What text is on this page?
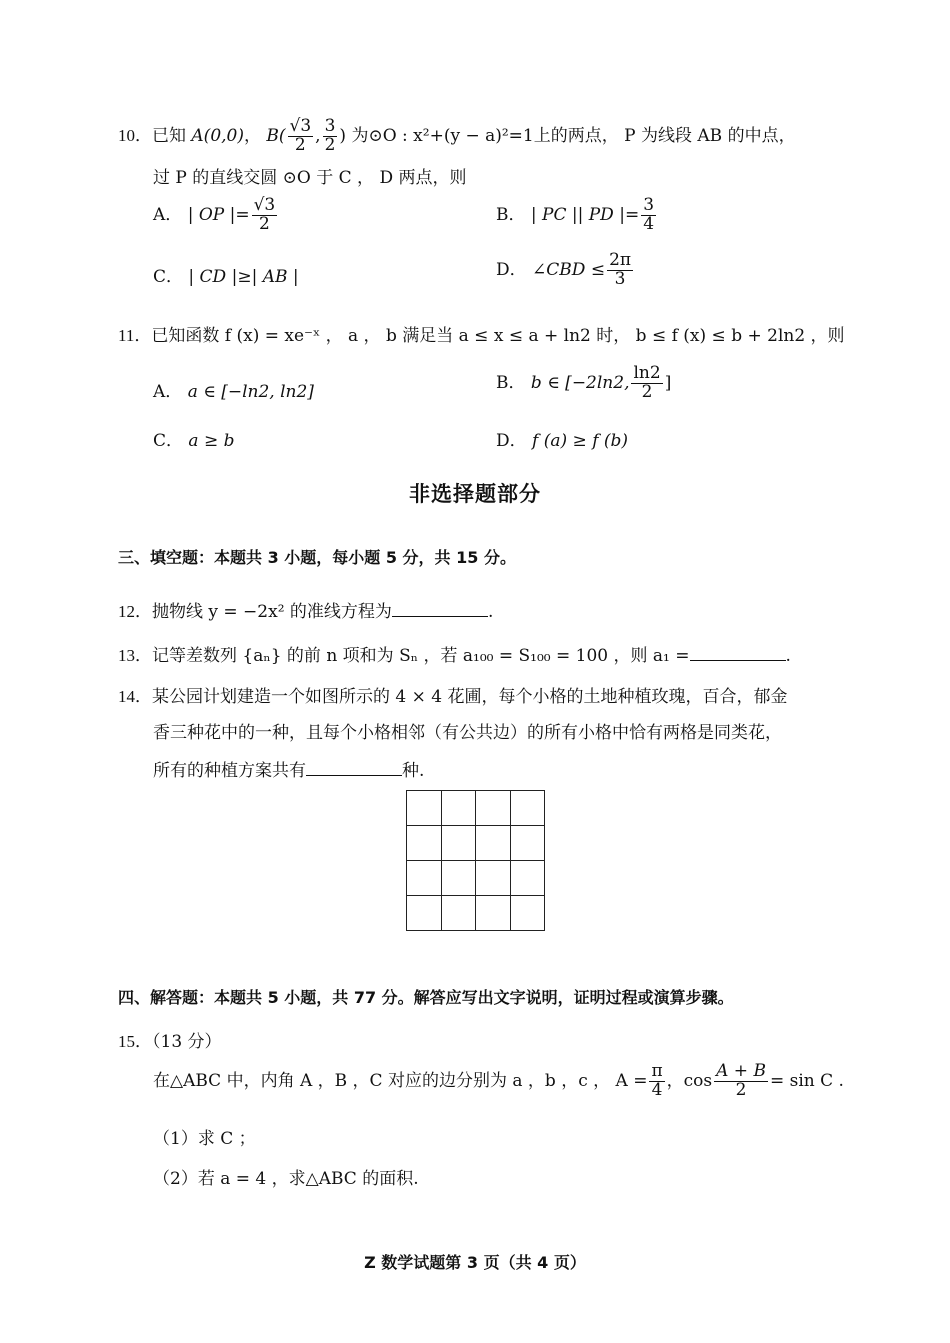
10．已知 A(0,0)， $B( \frac{√3}{2}$ , $\frac{3}{2}$ ) 为⊙O : x²+(y − a)²=1上的两点， P 为线段 AB 的中点，
过 P 的直线交圆 ⊙O 于 C ， D 两点，则
A． | OP |= $\frac{√3}{2}$	B． | PC || PD |= $\frac{3}{4}$
C． | CD |≥| AB |	D． ∠CBD ≤ $\frac{2\pi}{3}$
11．已知函数 f (x) = xe⁻ˣ ， a ， b 满足当 a ≤ x ≤ a + ln2 时， b ≤ f (x) ≤ b + 2ln2 ，则
A． a ∈ [−ln2, ln2]	B． b ∈ [−2ln2, $\frac{\ln 2}{2}$ ]
C． a ≥ b	D． f (a) ≥ f (b)
非选择题部分
三、填空题：本题共 3 小题，每小题 5 分，共 15 分。
12．抛物线 y = −2x² 的准线方程为	.
13．记等差数列 {aₙ} 的前 n 项和为 Sₙ ，若 a₁₀₀ = S₁₀₀ = 100 ，则 a₁ =	.
14．某公园计划建造一个如图所示的 4 × 4 花圃，每个小格的土地种植玫瑰，百合，郁金
香三种花中的一种，且每个小格相邻（有公共边）的所有小格中恰有两格是同类花，
所有的种植方案共有	种.
四、解答题：本题共 5 小题，共 77 分。解答应写出文字说明，证明过程或演算步骤。
15．（13 分）
在△ABC 中，内角 A ，B ，C 对应的边分别为 a ，b ，c ， $A = \frac{\pi}{4}$ ，$\cos \frac{A + B}{2} = \sin C$ .
（1）求 C ；
（2）若 a = 4 ，求△ABC 的面积.
Z 数学试题第 3 页（共 4 页）
